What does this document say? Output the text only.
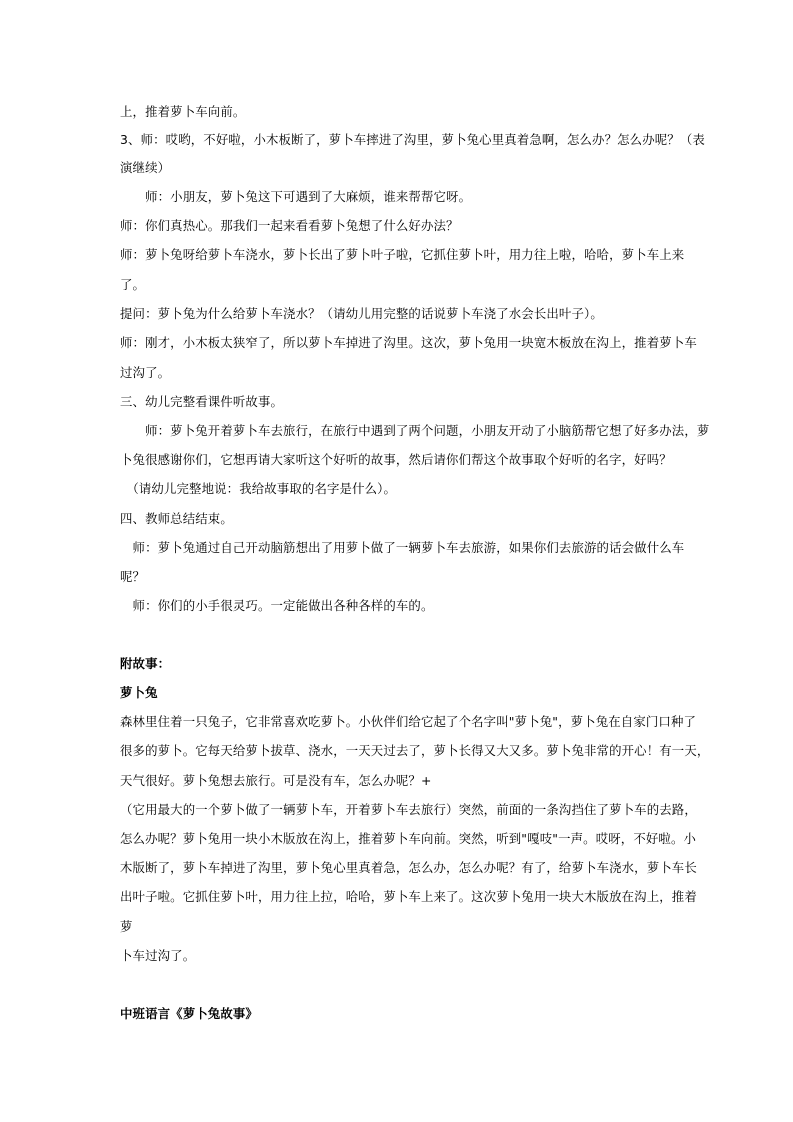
上，推着萝卜车向前。
3、师：哎哟，不好啦，小木板断了，萝卜车摔进了沟里，萝卜兔心里真着急啊，怎么办？怎么办呢？（表
演继续）
　　师：小朋友，萝卜兔这下可遇到了大麻烦，谁来帮帮它呀。
师：你们真热心。那我们一起来看看萝卜兔想了什么好办法？
师：萝卜兔呀给萝卜车浇水，萝卜长出了萝卜叶子啦，它抓住萝卜叶，用力往上啦，哈哈，萝卜车上来
了。
提问：萝卜兔为什么给萝卜车浇水？（请幼儿用完整的话说萝卜车浇了水会长出叶子）。
师：刚才，小木板太狭窄了，所以萝卜车掉进了沟里。这次，萝卜兔用一块宽木板放在沟上，推着萝卜车
过沟了。
三、幼儿完整看课件听故事。
　　师：萝卜兔开着萝卜车去旅行，在旅行中遇到了两个问题，小朋友开动了小脑筋帮它想了好多办法，萝
卜兔很感谢你们，它想再请大家听这个好听的故事，然后请你们帮这个故事取个好听的名字，好吗？
　（请幼儿完整地说：我给故事取的名字是什么）。
四、教师总结结束。
　师：萝卜兔通过自己开动脑筋想出了用萝卜做了一辆萝卜车去旅游，如果你们去旅游的话会做什么车
呢？
　师：你们的小手很灵巧。一定能做出各种各样的车的。
附故事：
萝卜兔
森林里住着一只兔子，它非常喜欢吃萝卜。小伙伴们给它起了个名字叫"萝卜兔"，萝卜兔在自家门口种了
很多的萝卜。它每天给萝卜拔草、浇水，一天天过去了，萝卜长得又大又多。萝卜兔非常的开心！有一天，
天气很好。萝卜兔想去旅行。可是没有车，怎么办呢？+
（它用最大的一个萝卜做了一辆萝卜车，开着萝卜车去旅行）突然，前面的一条沟挡住了萝卜车的去路，
怎么办呢？萝卜兔用一块小木版放在沟上，推着萝卜车向前。突然，听到"嘎吱"一声。哎呀，不好啦。小
木版断了，萝卜车掉进了沟里，萝卜兔心里真着急，怎么办，怎么办呢？有了，给萝卜车浇水，萝卜车长
出叶子啦。它抓住萝卜叶，用力往上拉，哈哈，萝卜车上来了。这次萝卜兔用一块大木版放在沟上，推着
萝
卜车过沟了。
中班语言《萝卜兔故事》
